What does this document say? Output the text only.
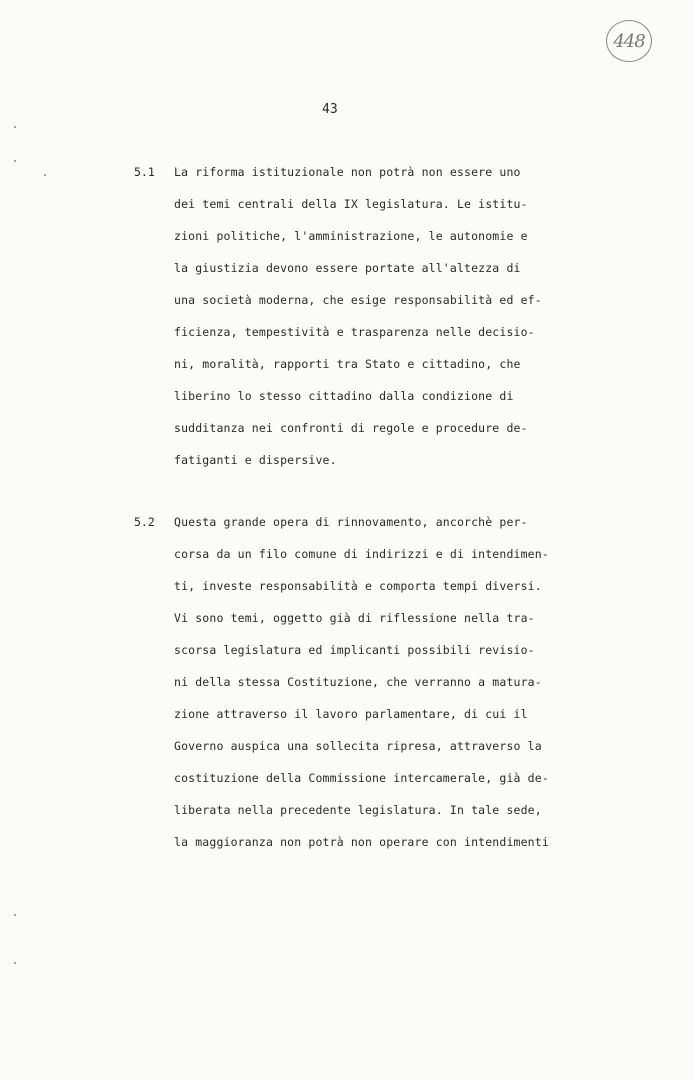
448
43
5.1 La riforma istituzionale non potrà non essere uno
dei temi centrali della IX legislatura. Le istitu-
zioni politiche, l'amministrazione, le autonomie e
la giustizia devono essere portate all'altezza di
una società moderna, che esige responsabilità ed ef-
ficienza, tempestività e trasparenza nelle decisio-
ni, moralità, rapporti tra Stato e cittadino, che
liberino lo stesso cittadino dalla condizione di
sudditanza nei confronti di regole e procedure de-
fatiganti e dispersive.
5.2 Questa grande opera di rinnovamento, ancorchè per-
corsa da un filo comune di indirizzi e di intendimen-
ti, investe responsabilità e comporta tempi diversi.
Vi sono temi, oggetto già di riflessione nella tra-
scorsa legislatura ed implicanti possibili revisio-
ni della stessa Costituzione, che verranno a matura-
zione attraverso il lavoro parlamentare, di cui il
Governo auspica una sollecita ripresa, attraverso la
costituzione della Commissione intercamerale, già de-
liberata nella precedente legislatura. In tale sede,
la maggioranza non potrà non operare con intendimenti
